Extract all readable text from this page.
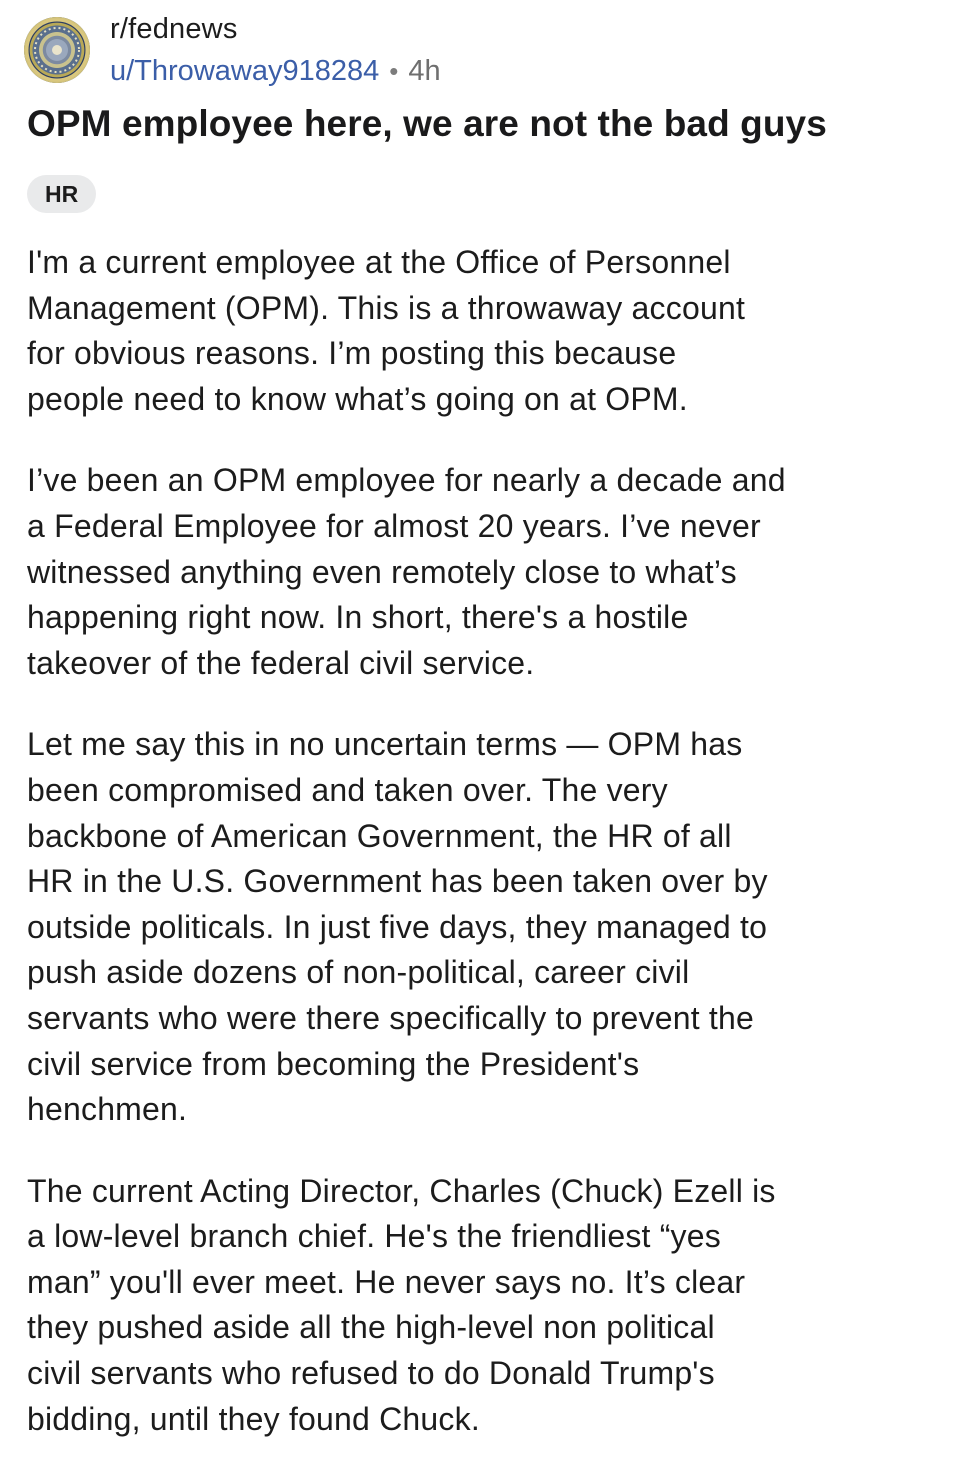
r/fednews
u/Throwaway918284 • 4h
OPM employee here, we are not the bad guys
HR

I'm a current employee at the Office of Personnel
Management (OPM). This is a throwaway account
for obvious reasons. I’m posting this because
people need to know what’s going on at OPM.

I’ve been an OPM employee for nearly a decade and
a Federal Employee for almost 20 years. I’ve never
witnessed anything even remotely close to what’s
happening right now. In short, there's a hostile
takeover of the federal civil service.

Let me say this in no uncertain terms — OPM has
been compromised and taken over. The very
backbone of American Government, the HR of all
HR in the U.S. Government has been taken over by
outside politicals. In just five days, they managed to
push aside dozens of non-political, career civil
servants who were there specifically to prevent the
civil service from becoming the President's
henchmen.

The current Acting Director, Charles (Chuck) Ezell is
a low-level branch chief. He's the friendliest “yes
man” you'll ever meet. He never says no. It’s clear
they pushed aside all the high-level non political
civil servants who refused to do Donald Trump's
bidding, until they found Chuck.
